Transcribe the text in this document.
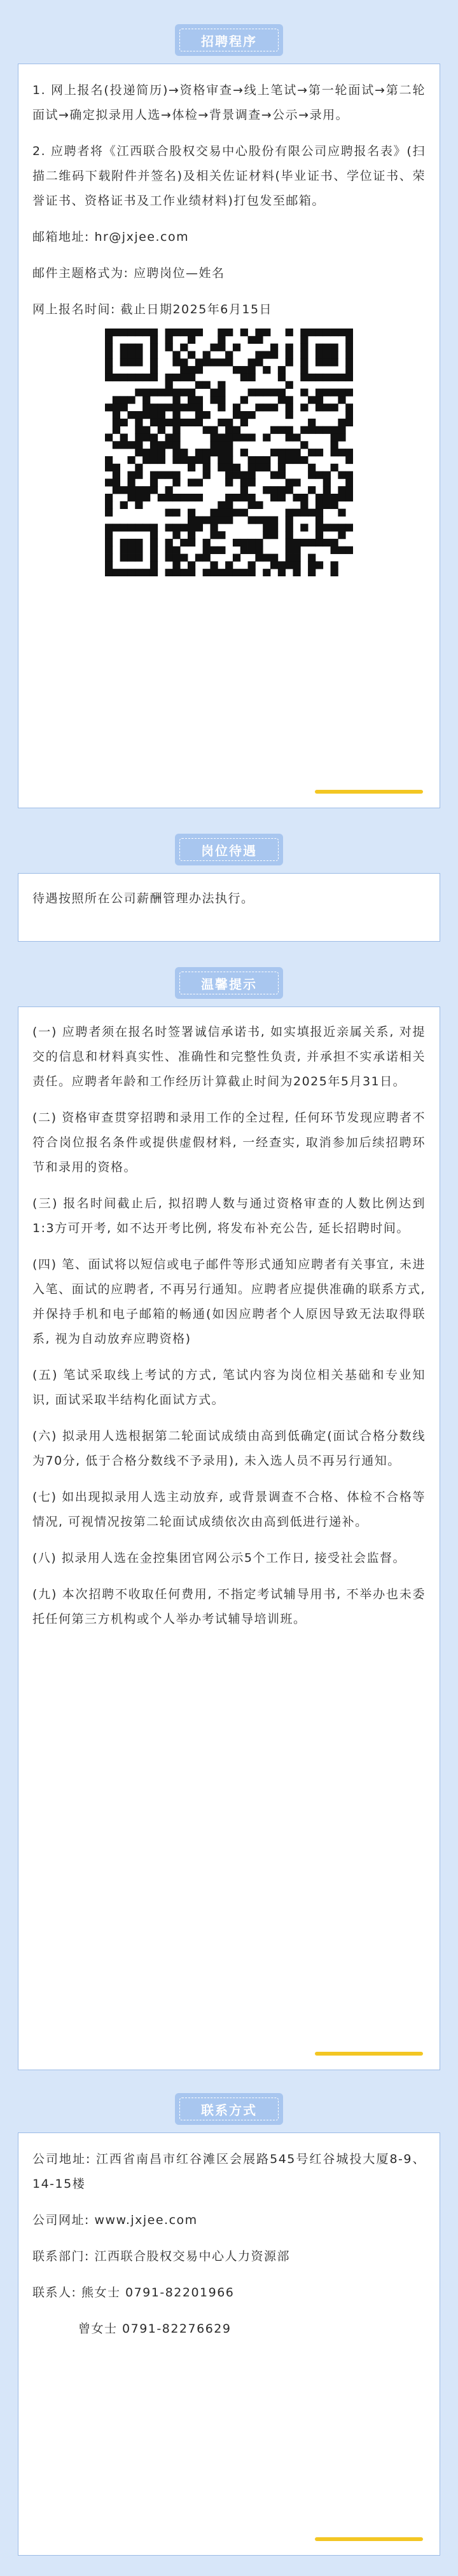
招聘程序

1. 网上报名(投递简历)→资格审查→线上笔试→第一轮面试→第二轮面试→确定拟录用人选→体检→背景调查→公示→录用。

2. 应聘者将《江西联合股权交易中心股份有限公司应聘报名表》(扫描二维码下载附件并签名)及相关佐证材料(毕业证书、学位证书、荣誉证书、资格证书及工作业绩材料)打包发至邮箱。

邮箱地址: hr@jxjee.com

邮件主题格式为: 应聘岗位—姓名

网上报名时间: 截止日期2025年6月15日

岗位待遇

待遇按照所在公司薪酬管理办法执行。

温馨提示

(一) 应聘者须在报名时签署诚信承诺书, 如实填报近亲属关系, 对提交的信息和材料真实性、准确性和完整性负责, 并承担不实承诺相关责任。应聘者年龄和工作经历计算截止时间为2025年5月31日。

(二) 资格审查贯穿招聘和录用工作的全过程, 任何环节发现应聘者不符合岗位报名条件或提供虚假材料, 一经查实, 取消参加后续招聘环节和录用的资格。

(三) 报名时间截止后, 拟招聘人数与通过资格审查的人数比例达到1:3方可开考, 如不达开考比例, 将发布补充公告, 延长招聘时间。

(四) 笔、面试将以短信或电子邮件等形式通知应聘者有关事宜, 未进入笔、面试的应聘者, 不再另行通知。应聘者应提供准确的联系方式, 并保持手机和电子邮箱的畅通(如因应聘者个人原因导致无法取得联系, 视为自动放弃应聘资格)

(五) 笔试采取线上考试的方式, 笔试内容为岗位相关基础和专业知识, 面试采取半结构化面试方式。

(六) 拟录用人选根据第二轮面试成绩由高到低确定(面试合格分数线为70分, 低于合格分数线不予录用), 未入选人员不再另行通知。

(七) 如出现拟录用人选主动放弃, 或背景调查不合格、体检不合格等情况, 可视情况按第二轮面试成绩依次由高到低进行递补。

(八) 拟录用人选在金控集团官网公示5个工作日, 接受社会监督。

(九) 本次招聘不收取任何费用, 不指定考试辅导用书, 不举办也未委托任何第三方机构或个人举办考试辅导培训班。

联系方式

公司地址: 江西省南昌市红谷滩区会展路545号红谷城投大厦8-9、14-15楼

公司网址: www.jxjee.com

联系部门: 江西联合股权交易中心人力资源部

联系人: 熊女士 0791-82201966

曾女士 0791-82276629
